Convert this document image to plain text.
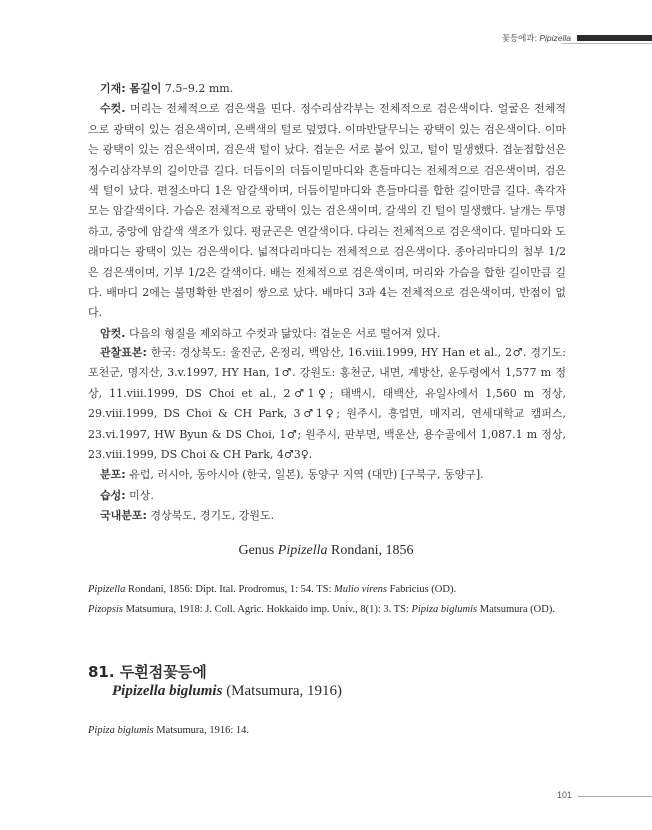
꽃등에과: Pipizella

기재: 몸길이 7.5–9.2 mm.

수컷. 머리는 전체적으로 검은색을 띤다. 정수리삼각부는 전체적으로 검은색이다. 얼굴은 전체적으로 광택이 있는 검은색이며, 은백색의 털로 덮였다. 이마반달무늬는 광택이 있는 검은색이다. 이마는 광택이 있는 검은색이며, 검은색 털이 났다. 겹눈은 서로 붙어 있고, 털이 밀생했다. 겹눈접합선은 정수리삼각부의 길이만큼 길다. 더듬이의 더듬이밑마디와 흔들마디는 전체적으로 검은색이며, 검은색 털이 났다. 편절소마디 1은 암갈색이며, 더듬이밑마디와 흔들마디를 합한 길이만큼 길다. 촉각자모는 암갈색이다. 가슴은 전체적으로 광택이 있는 검은색이며, 갈색의 긴 털이 밀생했다. 날개는 투명하고, 중앙에 암갈색 색조가 있다. 평균곤은 연갈색이다. 다리는 전체적으로 검은색이다. 밑마디와 도래마디는 광택이 있는 검은색이다. 넓적다리마디는 전체적으로 검은색이다. 종아리마디의 첨부 1/2은 검은색이며, 기부 1/2은 갈색이다. 배는 전체적으로 검은색이며, 머리와 가슴을 합한 길이만큼 길다. 배마디 2에는 불명확한 반점이 쌍으로 났다. 배마디 3과 4는 전체적으로 검은색이며, 반점이 없다.

암컷. 다음의 형질을 제외하고 수컷과 닮았다: 겹눈은 서로 떨어져 있다.

관찰표본: 한국: 경상북도: 울진군, 온정리, 백암산, 16.viii.1999, HY Han et al., 2♂. 경기도: 포천군, 명지산, 3.v.1997, HY Han, 1♂. 강원도: 홍천군, 내면, 계방산, 운두령에서 1,577 m 정상, 11.viii.1999, DS Choi et al., 2♂1♀; 태백시, 태백산, 유일사에서 1,560 m 정상, 29.viii.1999, DS Choi & CH Park, 3♂1♀; 원주시, 흥업면, 매지리, 연세대학교 캠퍼스, 23.vi.1997, HW Byun & DS Choi, 1♂; 원주시, 판부면, 백운산, 용수골에서 1,087.1 m 정상, 23.viii.1999, DS Choi & CH Park, 4♂3♀.

분포: 유럽, 러시아, 동아시아 (한국, 일본), 동양구 지역 (대만) [구북구, 동양구].

습성: 미상.

국내분포: 경상북도, 경기도, 강원도.

Genus Pipizella Rondani, 1856
Pipizella Rondani, 1856: Dipt. Ital. Prodromus, 1: 54. TS: Mulio virens Fabricius (OD).
Pizopsis Matsumura, 1918: J. Coll. Agric. Hokkaido imp. Univ., 8(1): 3. TS: Pipiza biglumis Matsumura (OD).
81. 두흰점꽃등에
Pipizella biglumis (Matsumura, 1916)
Pipiza biglumis Matsumura, 1916: 14.
101
